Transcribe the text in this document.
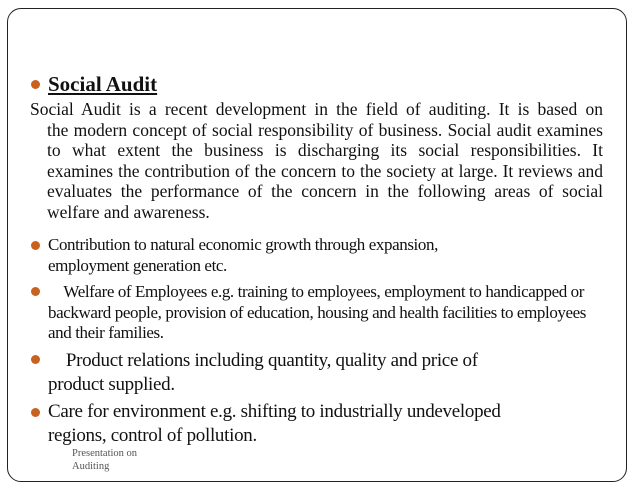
Social Audit
Social Audit is a recent development in the field of auditing. It is based on
the modern concept of social responsibility of business. Social audit examines to what extent the business is discharging its social responsibilities. It examines the contribution of the concern to the society at large. It reviews and evaluates the performance of the concern in the following areas of social welfare and awareness.
Contribution to natural economic growth through expansion, employment generation etc.
Welfare of Employees e.g. training to employees, employment to handicapped or backward people, provision of education, housing and health facilities to employees and their families.
Product relations including quantity, quality and price of product supplied.
Care for environment e.g. shifting to industrially undeveloped regions, control of pollution.
Presentation on Auditing
